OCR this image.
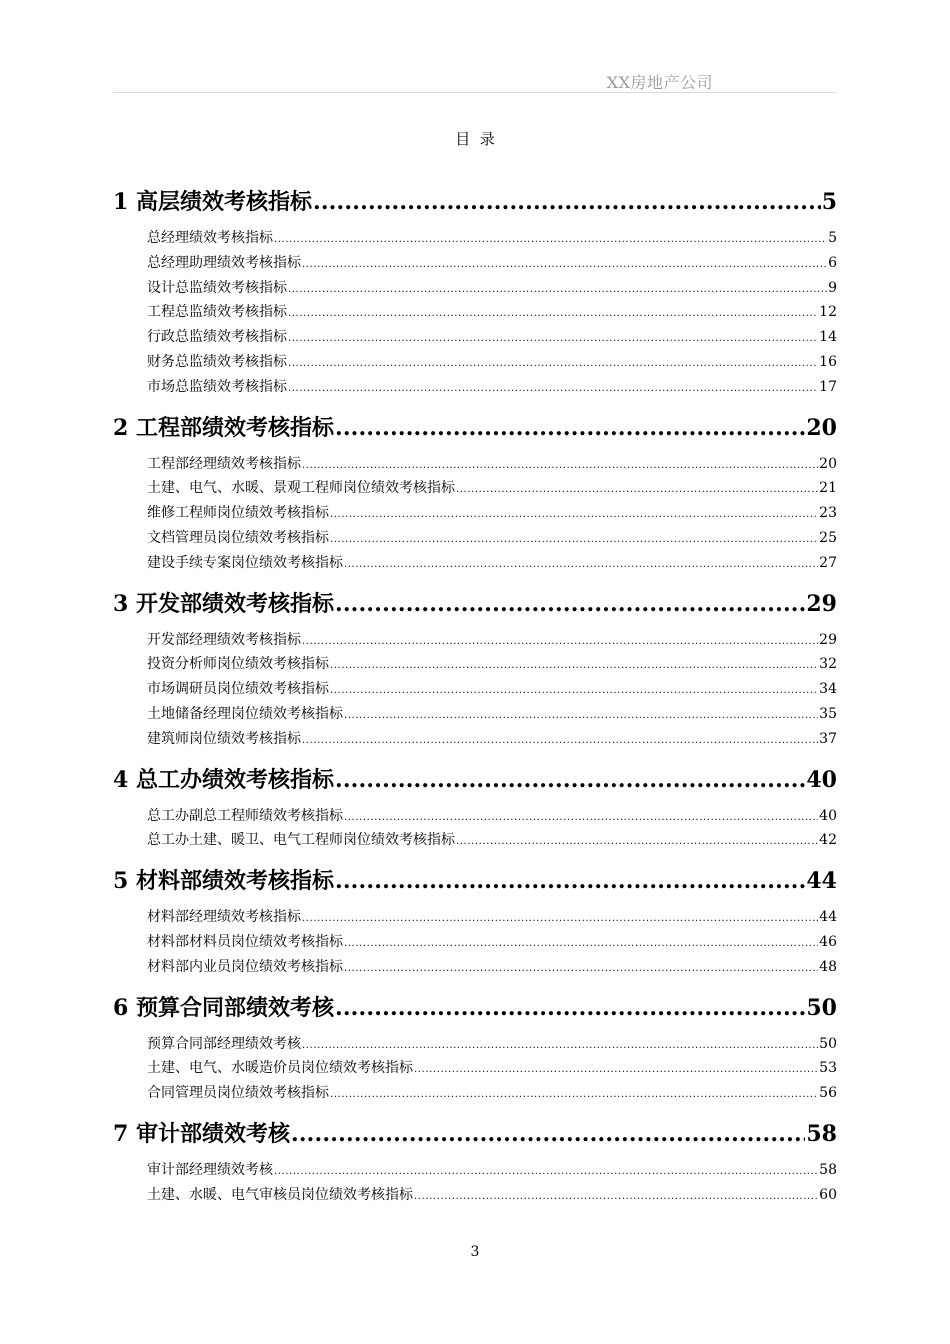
XX房地产公司
目  录
1 高层绩效考核指标 .....	5
总经理绩效考核指标 .....	5
总经理助理绩效考核指标 .....	6
设计总监绩效考核指标 .....	9
工程总监绩效考核指标 .....	12
行政总监绩效考核指标 .....	14
财务总监绩效考核指标 .....	16
市场总监绩效考核指标 .....	17
2 工程部绩效考核指标 .....	20
工程部经理绩效考核指标 .....	20
土建、电气、水暖、景观工程师岗位绩效考核指标 .....	21
维修工程师岗位绩效考核指标 .....	23
文档管理员岗位绩效考核指标 .....	25
建设手续专案岗位绩效考核指标 .....	27
3 开发部绩效考核指标 .....	29
开发部经理绩效考核指标 .....	29
投资分析师岗位绩效考核指标 .....	32
市场调研员岗位绩效考核指标 .....	34
土地储备经理岗位绩效考核指标 .....	35
建筑师岗位绩效考核指标 .....	37
4 总工办绩效考核指标 .....	40
总工办副总工程师绩效考核指标 .....	40
总工办土建、暖卫、电气工程师岗位绩效考核指标 .....	42
5 材料部绩效考核指标 .....	44
材料部经理绩效考核指标 .....	44
材料部材料员岗位绩效考核指标 .....	46
材料部内业员岗位绩效考核指标 .....	48
6 预算合同部绩效考核 .....	50
预算合同部经理绩效考核 .....	50
土建、电气、水暖造价员岗位绩效考核指标 .....	53
合同管理员岗位绩效考核指标 .....	56
7 审计部绩效考核 .....	58
审计部经理绩效考核 .....	58
土建、水暖、电气审核员岗位绩效考核指标 .....	60
3
